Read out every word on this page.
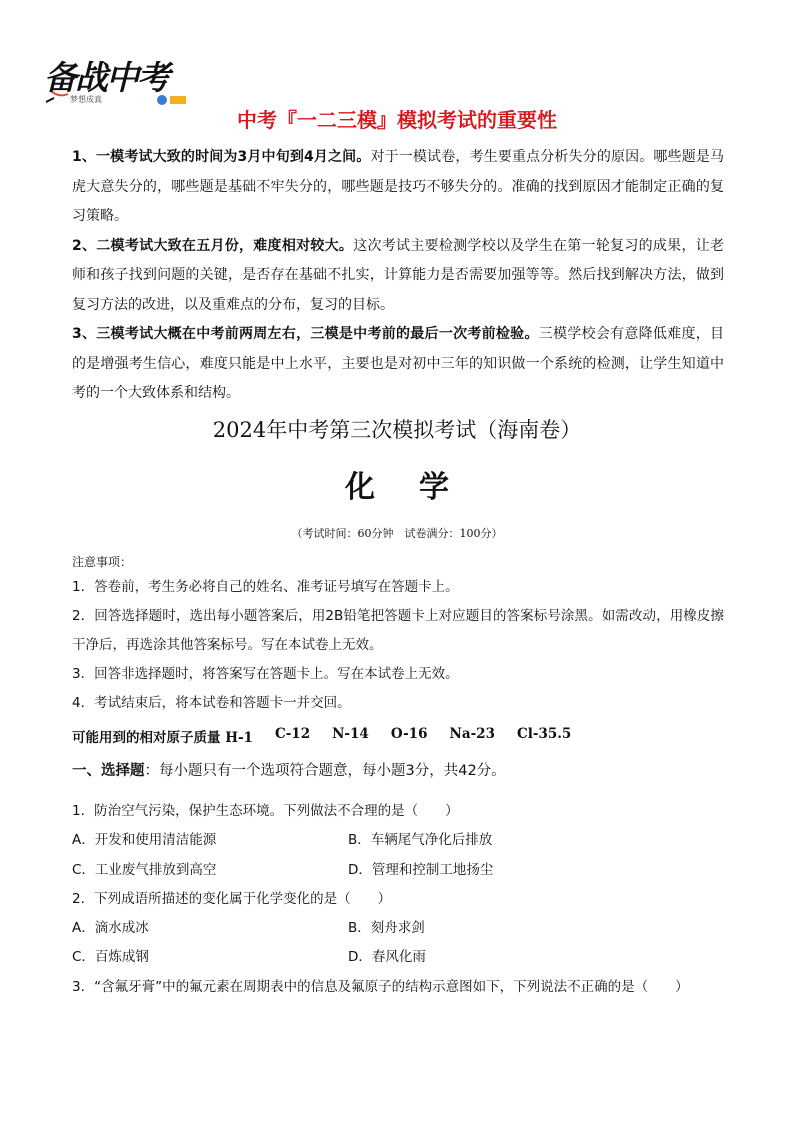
备战中考
梦想成真
中考『一二三模』模拟考试的重要性

1、一模考试大致的时间为3月中旬到4月之间。对于一模试卷，考生要重点分析失分的原因。哪些题是马虎大意失分的，哪些题是基础不牢失分的，哪些题是技巧不够失分的。准确的找到原因才能制定正确的复习策略。

2、二模考试大致在五月份，难度相对较大。这次考试主要检测学校以及学生在第一轮复习的成果，让老师和孩子找到问题的关键，是否存在基础不扎实，计算能力是否需要加强等等。然后找到解决方法，做到复习方法的改进，以及重难点的分布，复习的目标。

3、三模考试大概在中考前两周左右，三模是中考前的最后一次考前检验。三模学校会有意降低难度，目的是增强考生信心，难度只能是中上水平，主要也是对初中三年的知识做一个系统的检测，让学生知道中考的一个大致体系和结构。

2024年中考第三次模拟考试（海南卷）
化学
（考试时间：60分钟　试卷满分：100分）
注意事项：
1．答卷前，考生务必将自己的姓名、准考证号填写在答题卡上。
2．回答选择题时，选出每小题答案后，用2B铅笔把答题卡上对应题目的答案标号涂黑。如需改动，用橡皮擦干净后，再选涂其他答案标号。写在本试卷上无效。
3．回答非选择题时，将答案写在答题卡上。写在本试卷上无效。
4．考试结束后，将本试卷和答题卡一并交回。
可能用到的相对原子质量 H-1 C-12 N-14 O-16 Na-23 Cl-35.5
一、选择题：每小题只有一个选项符合题意，每小题3分，共42分。
1．防治空气污染，保护生态环境。下列做法不合理的是（　　）
A．开发和使用清洁能源	B．车辆尾气净化后排放
C．工业废气排放到高空	D．管理和控制工地扬尘
2．下列成语所描述的变化属于化学变化的是（　　）
A．滴水成冰	B．刻舟求剑
C．百炼成钢	D．春风化雨
3．“含氟牙膏”中的氟元素在周期表中的信息及氟原子的结构示意图如下，下列说法不正确的是（　　）
